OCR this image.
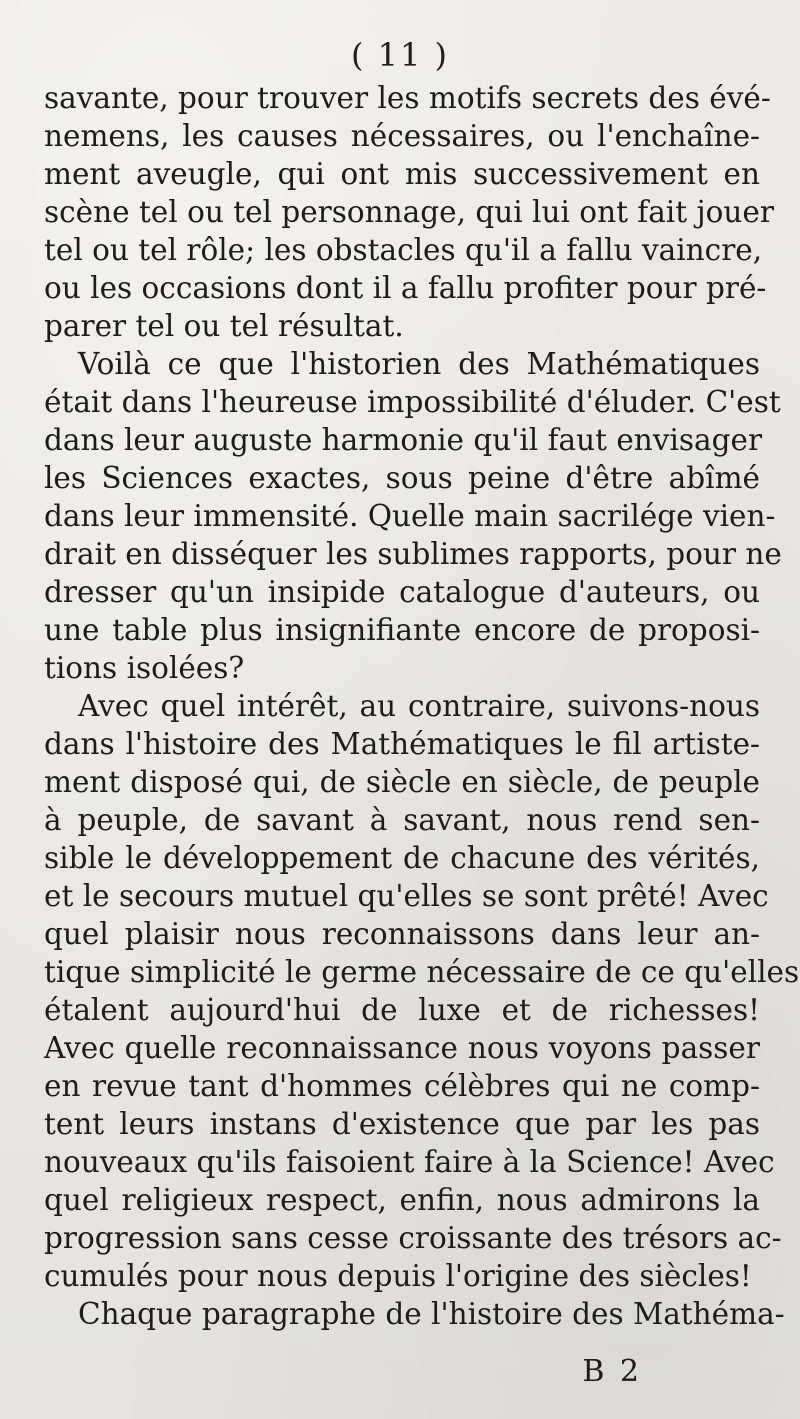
( 11 )
savante, pour trouver les motifs secrets des évé-
nemens, les causes nécessaires, ou l'enchaîne-
ment aveugle, qui ont mis successivement en
scène tel ou tel personnage, qui lui ont fait jouer
tel ou tel rôle; les obstacles qu'il a fallu vaincre,
ou les occasions dont il a fallu profiter pour pré-
parer tel ou tel résultat.
Voilà ce que l'historien des Mathématiques
était dans l'heureuse impossibilité d'éluder. C'est
dans leur auguste harmonie qu'il faut envisager
les Sciences exactes, sous peine d'être abîmé
dans leur immensité. Quelle main sacrilége vien-
drait en disséquer les sublimes rapports, pour ne
dresser qu'un insipide catalogue d'auteurs, ou
une table plus insignifiante encore de proposi-
tions isolées?
Avec quel intérêt, au contraire, suivons-nous
dans l'histoire des Mathématiques le fil artiste-
ment disposé qui, de siècle en siècle, de peuple
à peuple, de savant à savant, nous rend sen-
sible le développement de chacune des vérités,
et le secours mutuel qu'elles se sont prêté! Avec
quel plaisir nous reconnaissons dans leur an-
tique simplicité le germe nécessaire de ce qu'elles
étalent aujourd'hui de luxe et de richesses!
Avec quelle reconnaissance nous voyons passer
en revue tant d'hommes célèbres qui ne comp-
tent leurs instans d'existence que par les pas
nouveaux qu'ils faisoient faire à la Science! Avec
quel religieux respect, enfin, nous admirons la
progression sans cesse croissante des trésors ac-
cumulés pour nous depuis l'origine des siècles!
Chaque paragraphe de l'histoire des Mathéma-
B 2
